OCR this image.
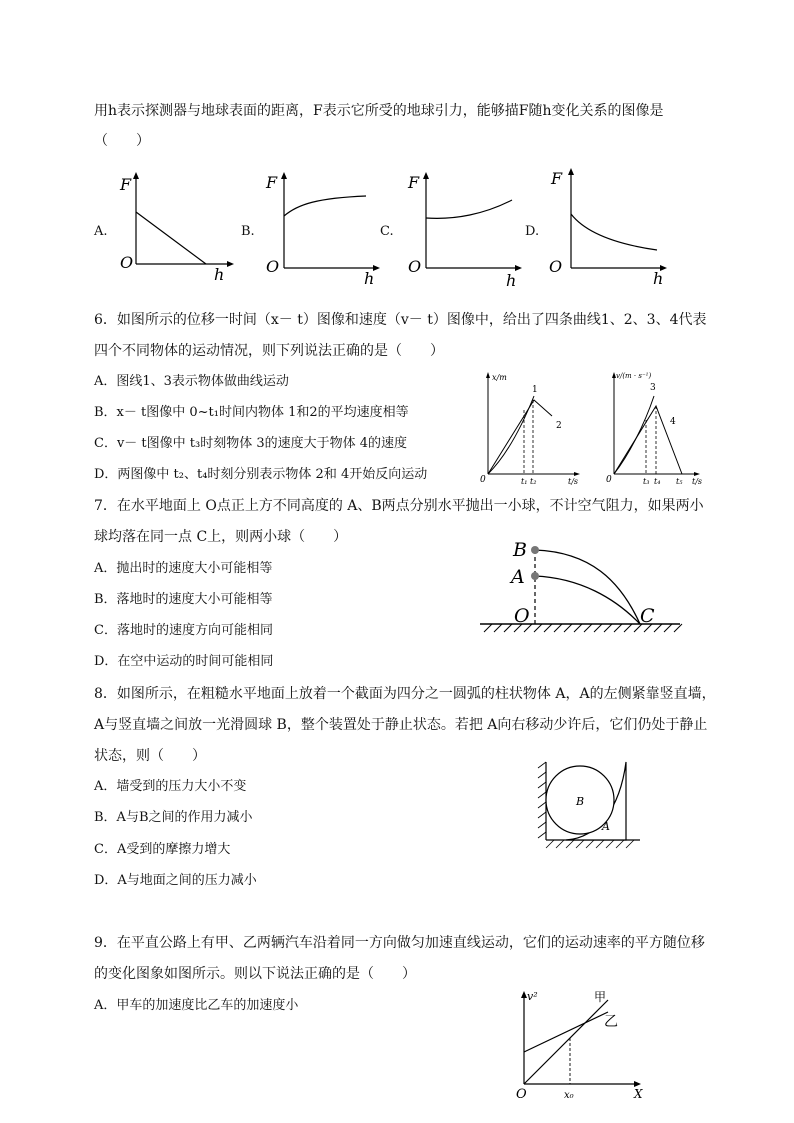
用h表示探测器与地球表面的距离，F表示它所受的地球引力，能够描F随h变化关系的图像是
（　　）
A.	B.	C.	D.
F
O
h
F
O
h
F
O
h
F
O
h
6．如图所示的位移一时间（x－ t）图像和速度（v－ t）图像中，给出了四条曲线1、2、3、4代表
四个不同物体的运动情况，则下列说法正确的是（　　）
A．图线1、3表示物体做曲线运动
B．x－ t图像中 0~t₁时间内物体 1和2的平均速度相等
C．v－ t图像中 t₃时刻物体 3的速度大于物体 4的速度
D．两图像中 t₂、t₄时刻分别表示物体 2和 4开始反向运动
x/m
1
2
0	t₁ t₂	t/s
v/(m · s⁻¹)
3
4
0	t₃ t₄ t₅ t/s
7．在水平地面上 O点正上方不同高度的 A、B两点分别水平抛出一小球，不计空气阻力，如果两小
球均落在同一点 C上，则两小球（　　）
A．抛出时的速度大小可能相等
B．落地时的速度大小可能相等
C．落地时的速度方向可能相同
D．在空中运动的时间可能相同
B
A
O	C
8．如图所示，在粗糙水平地面上放着一个截面为四分之一圆弧的柱状物体 A，A的左侧紧靠竖直墙，
A与竖直墙之间放一光滑圆球 B，整个装置处于静止状态。若把 A向右移动少许后，它们仍处于静止
状态，则（　　）
A．墙受到的压力大小不变
B．A与B之间的作用力减小
C．A受到的摩擦力增大
D．A与地面之间的压力减小
B
A
9．在平直公路上有甲、乙两辆汽车沿着同一方向做匀加速直线运动，它们的运动速率的平方随位移
的变化图象如图所示。则以下说法正确的是（　　）
A．甲车的加速度比乙车的加速度小
v²	甲
乙
O	x₀	X
